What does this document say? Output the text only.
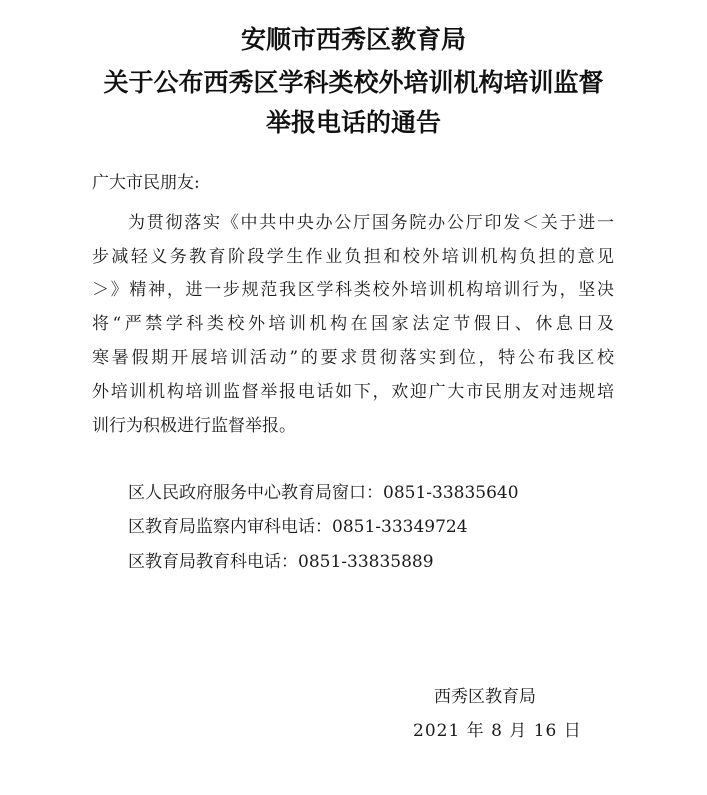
安顺市西秀区教育局
关于公布西秀区学科类校外培训机构培训监督
举报电话的通告
广大市民朋友:
为贯彻落实《中共中央办公厅国务院办公厅印发＜关于进一
步减轻义务教育阶段学生作业负担和校外培训机构负担的意见
＞》精神，进一步规范我区学科类校外培训机构培训行为，坚决
将“严禁学科类校外培训机构在国家法定节假日、休息日及
寒暑假期开展培训活动”的要求贯彻落实到位，特公布我区校
外培训机构培训监督举报电话如下，欢迎广大市民朋友对违规培
训行为积极进行监督举报。
区人民政府服务中心教育局窗口：0851-33835640
区教育局监察内审科电话：0851-33349724
区教育局教育科电话：0851-33835889
西秀区教育局
2021 年 8 月 16 日
